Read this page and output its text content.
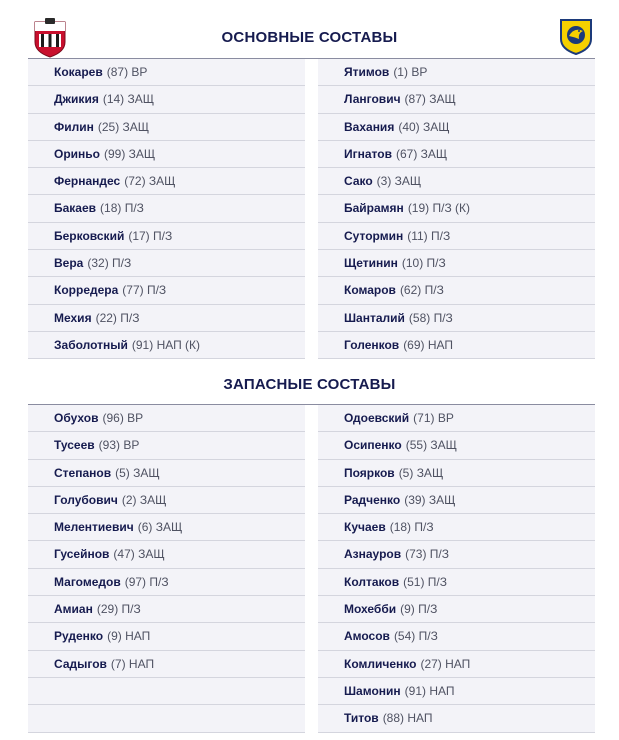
ОСНОВНЫЕ СОСТАВЫ
Кокарев (87) ВР
Джикия (14) ЗАЩ
Филин (25) ЗАЩ
Ориньо (99) ЗАЩ
Фернандес (72) ЗАЩ
Бакаев (18) П/З
Берковский (17) П/З
Вера (32) П/З
Корредера (77) П/З
Мехия (22) П/З
Заболотный (91) НАП (К)
Ятимов (1) ВР
Лангович (87) ЗАЩ
Вахания (40) ЗАЩ
Игнатов (67) ЗАЩ
Сако (3) ЗАЩ
Байрамян (19) П/З (К)
Сутормин (11) П/З
Щетинин (10) П/З
Комаров (62) П/З
Шанталий (58) П/З
Голенков (69) НАП
ЗАПАСНЫЕ СОСТАВЫ
Обухов (96) ВР
Тусеев (93) ВР
Степанов (5) ЗАЩ
Голубович (2) ЗАЩ
Мелентиевич (6) ЗАЩ
Гусейнов (47) ЗАЩ
Магомедов (97) П/З
Амиан (29) П/З
Руденко (9) НАП
Садыгов (7) НАП
Одоевский (71) ВР
Осипенко (55) ЗАЩ
Поярков (5) ЗАЩ
Радченко (39) ЗАЩ
Кучаев (18) П/З
Азнауров (73) П/З
Колтаков (51) П/З
Мохебби (9) П/З
Амосов (54) П/З
Комличенко (27) НАП
Шамонин (91) НАП
Титов (88) НАП
